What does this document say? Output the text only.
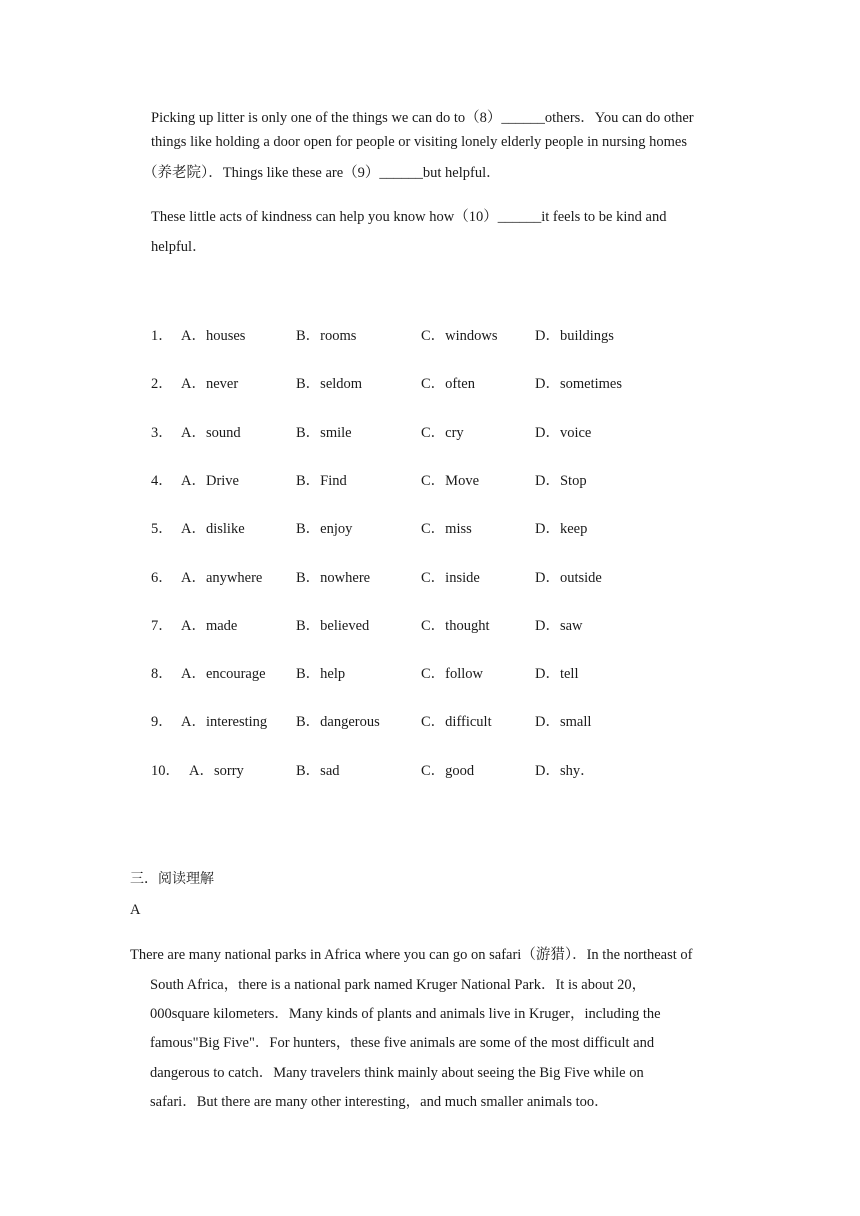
Picking up litter is only one of the things we can do to（8）______others．You can do other
things like holding a door open for people or visiting lonely elderly people in nursing homes
（养老院）．Things like these are（9）______but helpful．
These little acts of kindness can help you know how（10）______it feels to be kind and
helpful．
1． A．houses	B．rooms	C．windows	D．buildings
2． A．never	B．seldom	C．often	D．sometimes
3． A．sound	B．smile	C．cry	D．voice
4． A．Drive	B．Find	C．Move	D．Stop
5． A．dislike	B．enjoy	C．miss	D．keep
6． A．anywhere B．nowhere	C．inside	D．outside
7． A．made	B．believed	C．thought	D．saw
8． A．encourage B．help	C．follow	D．tell
9． A．interesting B．dangerous	C．difficult	D．small
10． A．sorry	B．sad	C．good	D．shy．
三．阅读理解
A
There are many national parks in Africa where you can go on safari（游猎）．In the northeast of
South Africa，there is a national park named Kruger National Park．It is about 20，
000square kilometers．Many kinds of plants and animals live in Kruger，including the
famous"Big Five"．For hunters，these five animals are some of the most difficult and
dangerous to catch．Many travelers think mainly about seeing the Big Five while on
safari．But there are many other interesting，and much smaller animals too．
